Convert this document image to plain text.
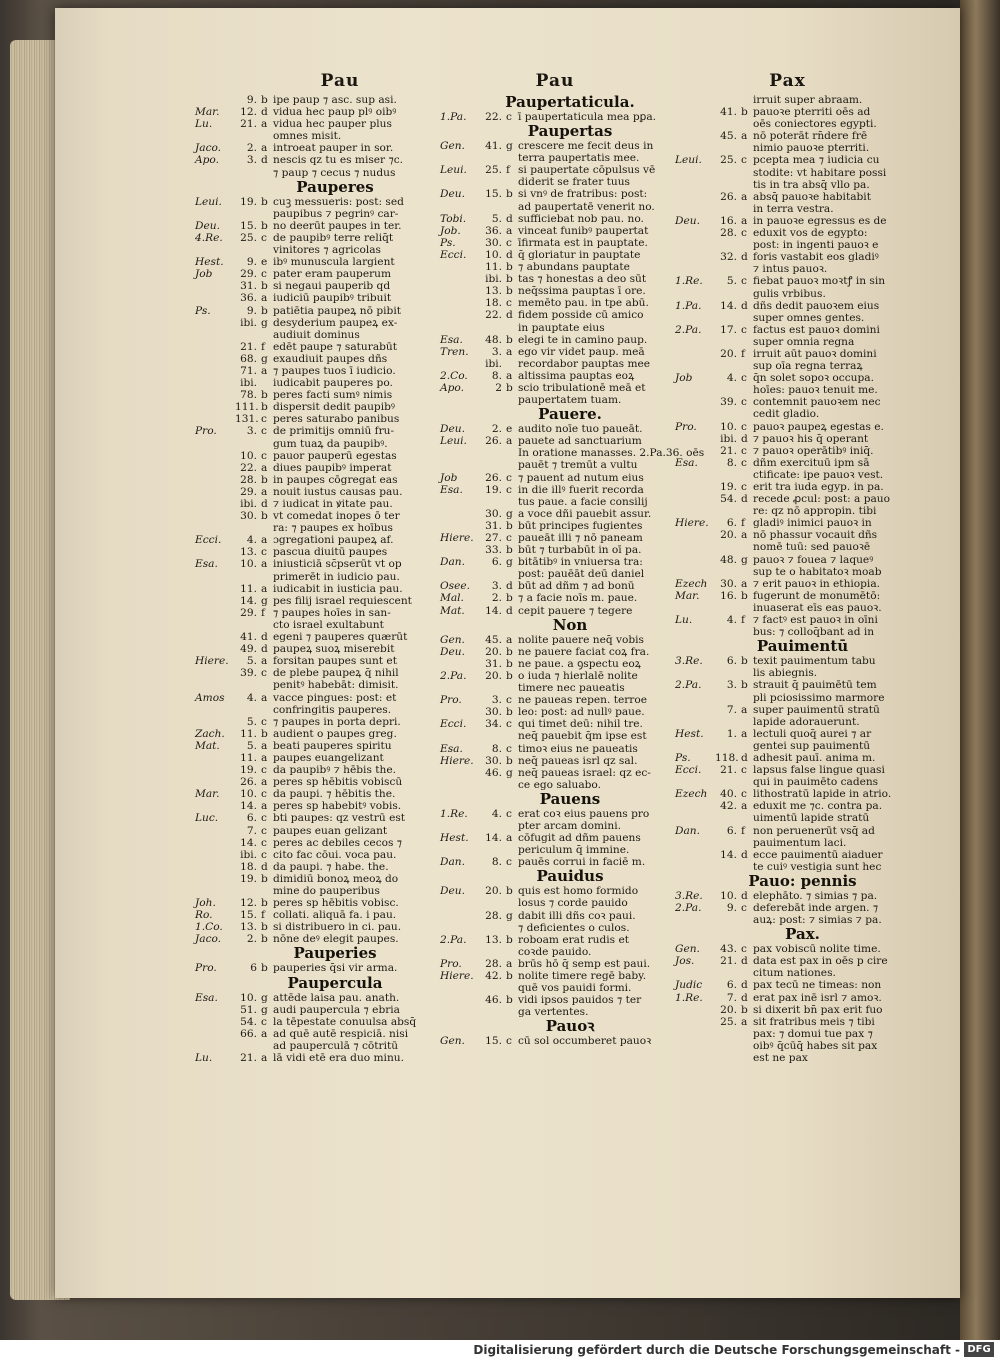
Pau
9. b ipe paup ⁊ asc. sup asi.
Mar.	12. d vidua hec paup plꝰ oibꝰ
Lu.	21. a vidua hec pauper plus
omnes misit.
Jaco.	2. a introeat pauper in sor.
Apo.	3. d nescis qz tu es miser ⁊c.
⁊ paup ⁊ cecus ⁊ nudus
Pauperes
Leui.	19. b cuꝫ messueris: post: sed
paupibus ⁊ pegrinꝰ car-
Deu.	15. b no deerūt paupes in ter.
4.Re.	25. c de paupibꝰ terre reliq̄t
vinitores ⁊ agricolas
Hest.	9. e ibꝰ munuscula largient
Job	29. c pater eram pauperum
31. b si negaui pauperib qd
36. a iudiciū paupibꝰ tribuit
Ps.	9. b patiētia paupeꝝ nō pibit
ibi. g desyderium paupeꝝ ex-
audiuit dominus
21. f edēt paupe ⁊ saturabūt
68. g exaudiuit paupes dñs
71. a ⁊ paupes tuos ī iudicio.
ibi.	iudicabit pauperes po.
78. b peres facti sumꝰ nimis
111. b dispersit dedit paupibꝰ
131. c peres saturabo panibus
Pro.	3. c de primitijs omniū fru-
gum tuaꝝ da paupibꝰ.
10. c pauor pauperū egestas
22. a diues paupibꝰ imperat
28. b in paupes cōgregat eas
29. a nouit iustus causas pau.
ibi. d ⁊ iudicat in ꝟitate pau.
30. b vt comedat inopes ō ter
ra: ⁊ paupes ex hoībus
Ecci.	4. a ɔgregationi paupeꝝ af.
13. c pascua diuitū paupes
Esa.	10. a iniusticiā sc̄pserūt vt op
primerēt in iudicio pau.
11. a iudicabit in iusticia pau.
14. g pes filij israel requiescent
29. f ⁊ paupes hoīes in san-
cto israel exultabunt
41. d egeni ⁊ pauperes quærūt
49. d paupeꝝ suoꝝ miserebit
Hiere.	5. a forsitan paupes sunt et
39. c de plebe paupeꝝ q̄ nihil
penitꝰ habebāt: dimisit.
Amos	4. a vacce pingues: post: et
confringitis pauperes.
5. c ⁊ paupes in porta depri.
Zach.	11. b audient o paupes greg.
Mat.	5. a beati pauperes spiritu
11. a paupes euangelizant
19. c da paupibꝰ ⁊ hēbis the.
26. a peres sp hēbitis vobiscū
Mar.	10. c da paupi. ⁊ hēbitis the.
14. a peres sp habebitꝰ vobis.
Luc.	6. c bti paupes: qz vestrū est
7. c paupes euan gelizant
14. c peres ac debiles cecos ⁊
ibi. c cito fac cōui. voca pau.
18. d da paupi. ⁊ habe. the.
19. b dimidiū bonoꝝ meoꝝ do
mine do pauperibus
Joh.	12. b peres sp hēbitis vobisc.
Ro.	15. f collati. aliquā fa. i pau.
1.Co.	13. b si distribuero in ci. pau.
Jaco.	2. b nōne deꝰ elegit paupes.
Pauperies
Pro.	6 b pauperies q̄si vir arma.
Paupercula
Esa.	10. g attēde laisa pau. anath.
51. g audi paupercula ⁊ ebria
54. c la tēpestate conuulsa absq̄
66. a ad quē autē respiciā. nisi
ad pauperculā ⁊ cōtritū
Lu.	21. a lā vidi etē era duo minu.
Pau
Paupertaticula.
1.Pa.	22. c ī paupertaticula mea pꝑa.
Paupertas
Gen.	41. g crescere me fecit deus in
terra paupertatis mee.
Leui.	25. f si paupertate cōpulsus vē
diderit se frater tuus
Deu.	15. b si vnꝰ de fratribus: post:
ad paupertatē venerit no.
Tobi.	5. d sufficiebat nob pau. no.
Job.	36. a vinceat funibꝰ paupertat
Ps.	30. c īfirmata est in pauptate.
Ecci.	10. d q̄ gloriatur in pauptate
11. b ⁊ abundans pauptate
ibi. b tas ⁊ honestas a deo sūt
13. b neq̄ssima pauptas ī ore.
18. c memēto pau. in tpe abū.
22. d fidem posside cū amico
in pauptate eius
Esa.	48. b elegi te in camino paup.
Tren.	3. a ego vir videt paup. meā
ibi.	recordabor pauptas mee
2.Co.	8. a altissima pauptas eoꝝ
Apo.	2 b scio tribulationē meā et
paupertatem tuam.
Pauere.
Deu.	2. e audito noīe tuo paueāt.
Leui.	26. a pauete ad sanctuarium
In oratione manasses. 2.Pa.36. oēs
pauēt ⁊ tremūt a vultu
Job	26. c ⁊ pauent ad nutum eius
Esa.	19. c in die illꝰ fuerit recorda
tus paue. a facie consilij
30. g a voce dñi pauebit assur.
31. b būt principes fugientes
Hiere.	27. c paueāt illi ⁊ nō paneam
33. b būt ⁊ turbabūt in oī pa.
Dan.	6. g bitātibꝰ in vniuersa tra:
post: pauēāt deū daniel
Osee.	3. d būt ad dñm ⁊ ad bonū
Mal.	2. b ⁊ a facie noīs m. paue.
Mat.	14. d cepit pauere ⁊ tegere
Non
Gen.	45. a nolite pauere neq̄ vobis
Deu.	20. b ne pauere faciat coꝝ fra.
31. b ne paue. a ꝯspectu eoꝝ
2.Pa.	20. b o iuda ⁊ hierlalē nolite
timere nec paueatis
Pro.	3. c ne paueas repen. terroe
30. b leo: post: ad nullꝰ paue.
Ecci.	34. c qui timet deū: nihil tre.
neq̄ pauebit q̄m ipse est
Esa.	8. c timoꝛ eius ne paueatis
Hiere.	30. b neq̄ paueas isrl qz sal.
46. g neq̄ paueas israel: qz ec-
ce ego saluabo.
Pauens
1.Re.	4. c erat coꝛ eius pauens pro
pter arcam domini.
Hest.	14. a cōfugit ad dñm pauens
periculum q̄ immine.
Dan.	8. c pauēs corrui in faciē m.
Pauidus
Deu.	20. b quis est homo formido
losus ⁊ corde pauido
28. g dabit illi dñs coꝛ paui.
⁊ deficientes o culos.
2.Pa.	13. b roboam erat rudis et
coꝛde pauido.
Pro.	28. a brūs hō q̄ semp est paui.
Hiere.	42. b nolite timere regē baby.
quē vos pauidi formi.
46. b vidi ipsos pauidos ⁊ ter
ga vertentes.
Pauoꝛ
Gen.	15. c cū sol occumberet pauoꝛ
Pax
irruit super abraam.
41. b pauoꝛe pterriti oēs ad
oēs coniectores egypti.
45. a nō poterāt rn̄dere frē
nimio pauoꝛe pterriti.
Leui.	25. c pcepta mea ⁊ iudicia cu
stodite: vt habitare possi
tis in tra absq̄ vllo pa.
26. a absq̄ pauoꝛe habitabit
in terra vestra.
Deu.	16. a in pauoꝛe egressus es de
28. c eduxit vos de egypto:
post: in ingenti pauoꝛ e
32. d foris vastabit eos gladiꝰ
⁊ intus pauoꝛ.
1.Re.	5. c fiebat pauoꝛ moꝛtꝭ in sin
gulis vrbibus.
1.Pa.	14. d dñs dedit pauoꝛem eius
super omnes gentes.
2.Pa.	17. c factus est pauoꝛ domini
super omnia regna
20. f irruit aūt pauoꝛ domini
sup oīa regna terraꝝ
Job	4. c q̄n solet sopoꝛ occupa.
hoīes: pauoꝛ tenuit me.
39. c contemnit pauoꝛem nec
cedit gladio.
Pro.	10. c pauoꝛ paupeꝝ egestas e.
ibi. d ⁊ pauoꝛ his q̄ operant
21. c ⁊ pauoꝛ operātibꝰ iniq̄.
Esa.	8. c dñm exercituū ipm sā
ctificate: ipe pauoꝛ vest.
19. c erit tra iuda egyp. in pa.
54. d recede ꝓcul: post: a pauo
re: qz nō appropin. tibi
Hiere.	6. f gladiꝰ inimici pauoꝛ in
20. a nō phassur vocauit dñs
nomē tuū: sed pauoꝛē
48. g pauoꝛ ⁊ fouea ⁊ laqueꝰ
sup te o habitatoꝛ moab
Ezech	30. a ⁊ erit pauoꝛ in ethiopia.
Mar.	16. b fugerunt de monumētō:
inuaserat eīs eas pauoꝛ.
Lu.	4. f ⁊ factꝰ est pauoꝛ in oīni
bus: ⁊ colloq̄bant ad in
Pauimentū
3.Re.	6. b texit pauimentum tabu
lis abiegnis.
2.Pa.	3. b strauit q̄ pauimētū tem
pli pciosissimo marmore
7. a super pauimentū stratū
lapide adorauerunt.
Hest.	1. a lectuli quoq̄ aurei ⁊ ar
gentei sup pauimentū
Ps.	118. d adhesit pauī. anima m.
Ecci.	21. c lapsus false lingue quasi
qui in pauimēto cadens
Ezech	40. c lithostratū lapide in atrio.
42. a eduxit me ⁊c. contra pa.
uimentū lapide stratū
Dan.	6. f non peruenerūt vsq̄ ad
pauimentum laci.
14. d ecce pauimentū aiaduer
te cuiꝰ vestigia sunt hec
Pauo: pennis
3.Re.	10. d elephāto. ⁊ simias ⁊ pa.
2.Pa.	9. c deferebāt inde argen. ⁊
auꝝ: post: ⁊ simias ⁊ pa.
Pax.
Gen.	43. c pax vobiscū nolite time.
Jos.	21. d data est pax in oēs p cire
citum nationes.
Judic	6. d pax tecū ne timeas: non
1.Re.	7. d erat pax inē isrl ⁊ amoꝛ.
20. b si dixerit bn̄ pax erit fuo
25. a sit fratribus meis ⁊ tibi
pax: ⁊ domui tue pax ⁊
oibꝰ q̄cūq̄ habes sit pax
est ne pax
Digitalisierung gefördert durch die Deutsche Forschungsgemeinschaft - DFG
